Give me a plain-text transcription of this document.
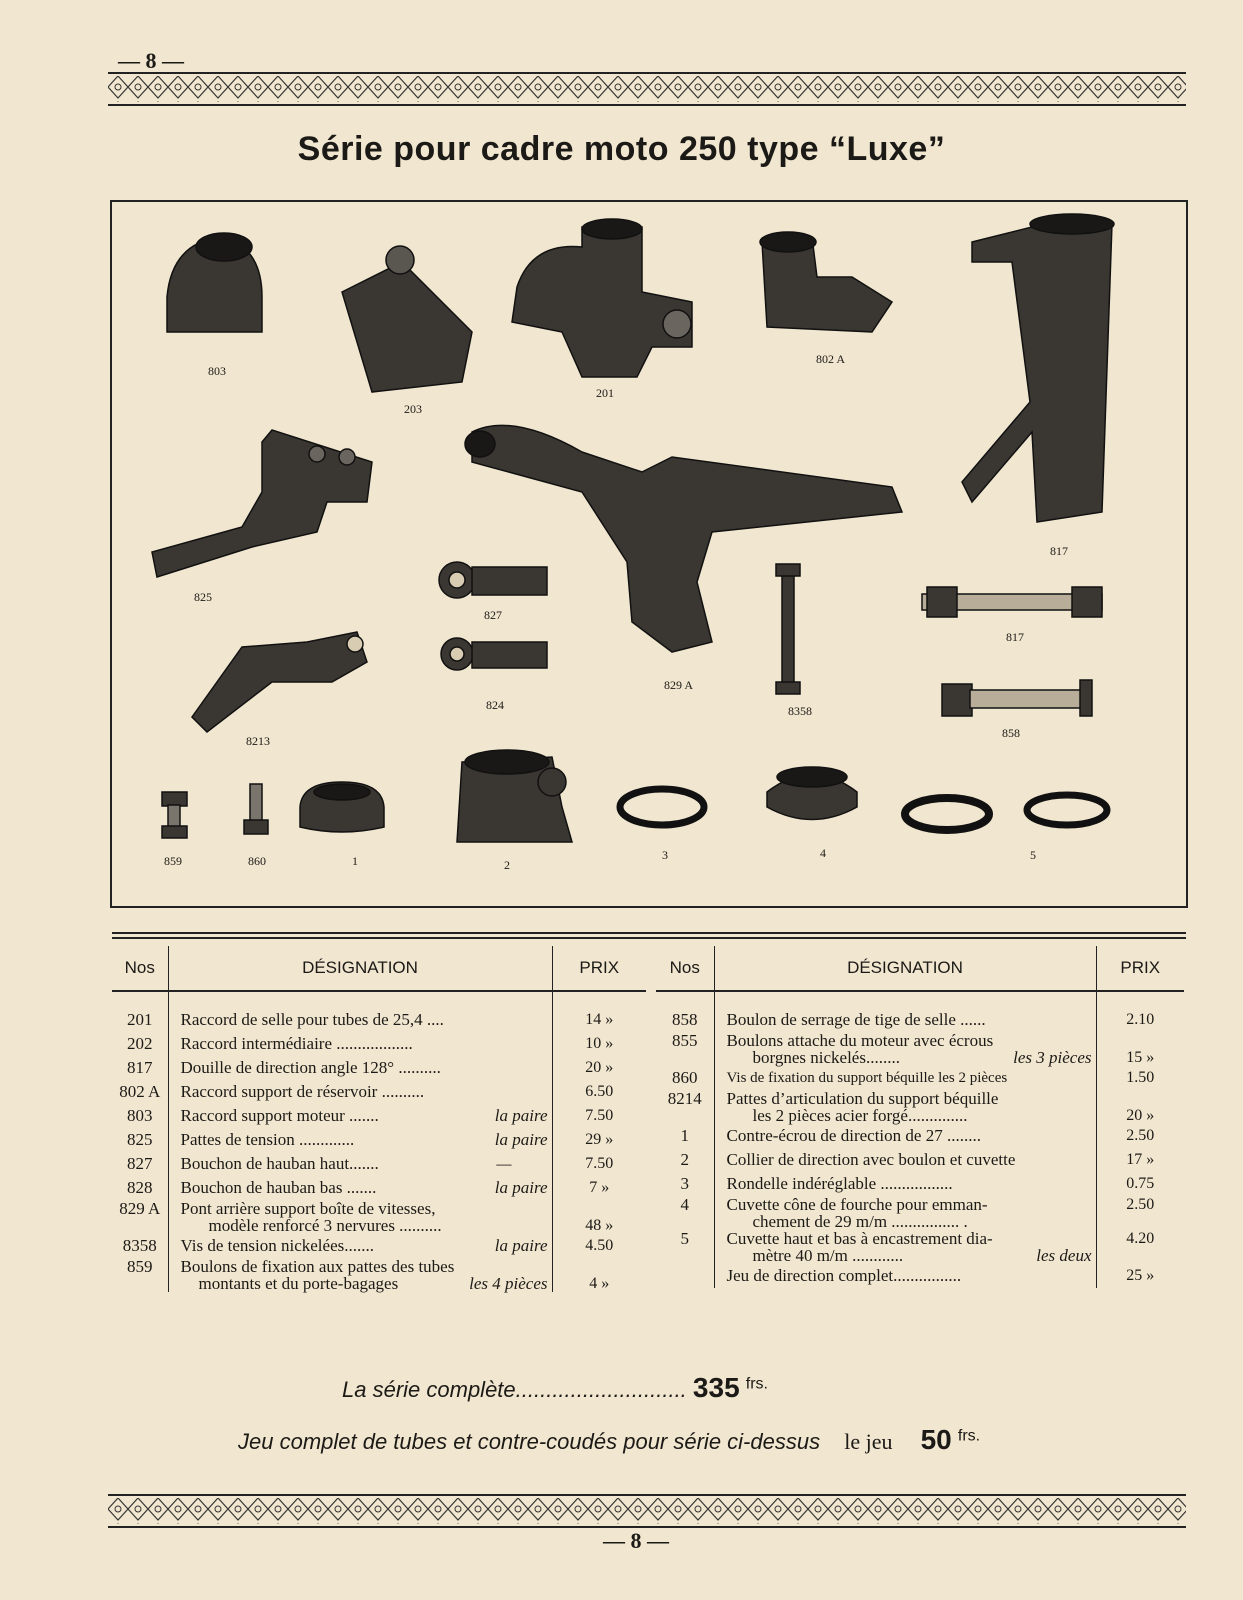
— 8 —
Série pour cadre moto 250 type “Luxe”
803
203
201
802 A
817
825
827
829 A
824	8358
817
858
8213
859	860	1	2
3	4	5
Nos	DÉSIGNATION	PRIX
201	Raccord de selle pour tubes de 25,4 ....	14 »
202	Raccord intermédiaire ..................	10 »
817	Douille de direction angle 128° ..........	20 »
802 A	Raccord support de réservoir ..........	6.50
803	Raccord support moteur ....... la paire	7.50
825	Pattes de tension ............. la paire	29 »
827	Bouchon de hauban haut....... —	7.50
828	Bouchon de hauban bas ....... la paire	7 »
829 A	Pont arrière support boîte de vitesses,
modèle renforcé 3 nervures ..........	48 »
8358	Vis de tension nickelées....... la paire	4.50
859	Boulons de fixation aux pattes des tubes
montants et du porte-bagages les 4 pièces	4 »
Nos	DÉSIGNATION	PRIX
858	Boulon de serrage de tige de selle ......	2.10
855	Boulons attache du moteur avec écrous
borgnes nickelés........ les 3 pièces	15 »
860	Vis de fixation du support béquille les 2 pièces	1.50
8214	Pattes d’articulation du support béquille
les 2 pièces acier forgé..............	20 »
1	Contre-écrou de direction de 27 ........	2.50
2	Collier de direction avec boulon et cuvette	17 »
3	Rondelle indéréglable .................	0.75
4	Cuvette cône de fourche pour emman-
chement de 29 m/m ................ .	2.50
5	Cuvette haut et bas à encastrement dia-
mètre 40 m/m ............ les deux	4.20
	Jeu de direction complet................	25 »
La série complète............................ 335 $^{frs.}$
Jeu complet de tubes et contre-coudés pour série ci-dessus le jeu 50 $^{frs.}$
— 8 —
